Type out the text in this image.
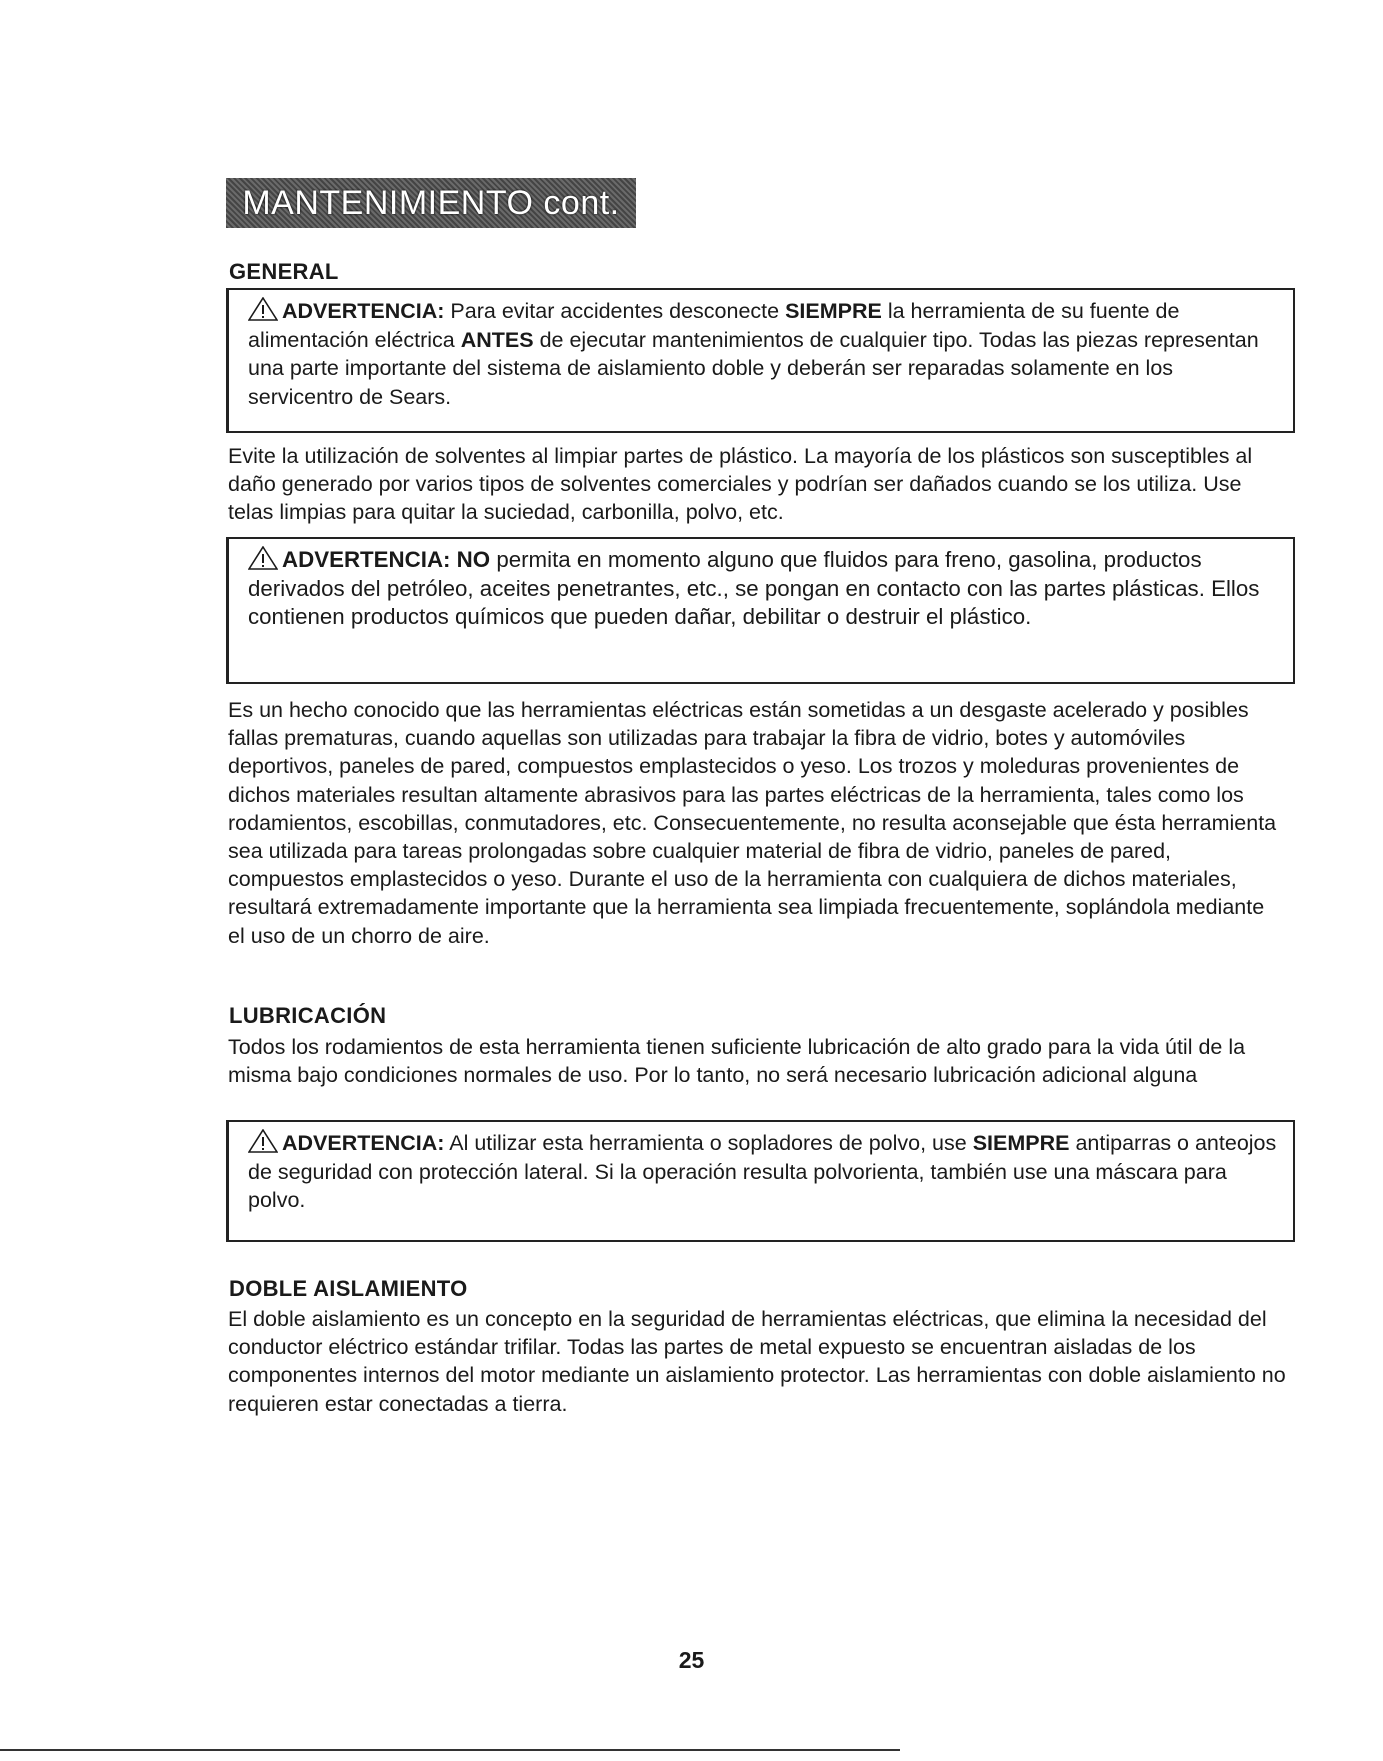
MANTENIMIENTO cont.
GENERAL
ADVERTENCIA: Para evitar accidentes desconecte SIEMPRE la herramienta de su fuente de alimentación eléctrica ANTES de ejecutar mantenimientos de cualquier tipo. Todas las piezas representan una parte importante del sistema de aislamiento doble y deberán ser reparadas solamente en los servicentro de Sears.
Evite la utilización de solventes al limpiar partes de plástico. La mayoría de los plásticos son susceptibles al daño generado por varios tipos de solventes comerciales y podrían ser dañados cuando se los utiliza. Use telas limpias para quitar la suciedad, carbonilla, polvo, etc.
ADVERTENCIA: NO permita en momento alguno que fluidos para freno, gasolina, productos derivados del petróleo, aceites penetrantes, etc., se pongan en contacto con las partes plásticas. Ellos contienen productos químicos que pueden dañar, debilitar o destruir el plástico.
Es un hecho conocido que las herramientas eléctricas están sometidas a un desgaste acelerado y posibles fallas prematuras, cuando aquellas son utilizadas para trabajar la fibra de vidrio, botes y automóviles deportivos, paneles de pared, compuestos emplastecidos o yeso. Los trozos y moleduras provenientes de dichos materiales resultan altamente abrasivos para las partes eléctricas de la herramienta, tales como los rodamientos, escobillas, conmutadores, etc. Consecuentemente, no resulta aconsejable que ésta herramienta sea utilizada para tareas prolongadas sobre cualquier material de fibra de vidrio, paneles de pared, compuestos emplastecidos o yeso. Durante el uso de la herramienta con cualquiera de dichos materiales, resultará extremadamente importante que la herramienta sea limpiada frecuentemente, soplándola mediante el uso de un chorro de aire.
LUBRICACIÓN
Todos los rodamientos de esta herramienta tienen suficiente lubricación de alto grado para la vida útil de la misma bajo condiciones normales de uso. Por lo tanto, no será necesario lubricación adicional alguna
ADVERTENCIA: Al utilizar esta herramienta o sopladores de polvo, use SIEMPRE antiparras o anteojos de seguridad con protección lateral. Si la operación resulta polvorienta, también use una máscara para polvo.
DOBLE AISLAMIENTO
El doble aislamiento es un concepto en la seguridad de herramientas eléctricas, que elimina la necesidad del conductor eléctrico estándar trifilar. Todas las partes de metal expuesto se encuentran aisladas de los componentes internos del motor mediante un aislamiento protector. Las herramientas con doble aislamiento no requieren estar conectadas a tierra.
25
